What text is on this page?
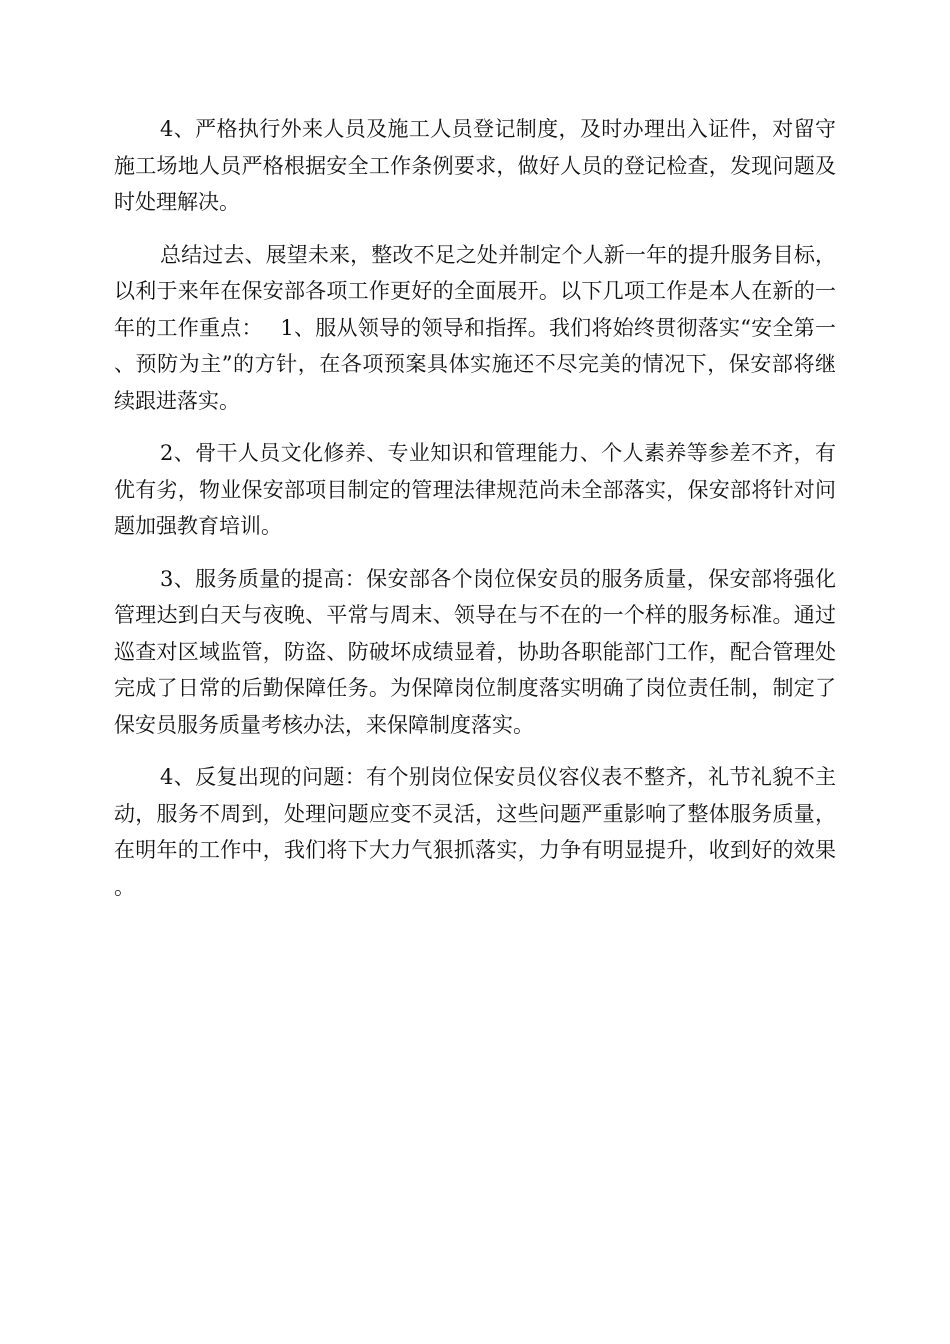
4、严格执行外来人员及施工人员登记制度，及时办理出入证件，对留守施工场地人员严格根据安全工作条例要求，做好人员的登记检查，发现问题及时处理解决。

总结过去、展望未来，整改不足之处并制定个人新一年的提升服务目标，以利于来年在保安部各项工作更好的全面展开。以下几项工作是本人在新的一年的工作重点：　 1、服从领导的领导和指挥。我们将始终贯彻落实“安全第一、预防为主”的方针，在各项预案具体实施还不尽完美的情况下，保安部将继续跟进落实。

2、骨干人员文化修养、专业知识和管理能力、个人素养等参差不齐，有优有劣，物业保安部项目制定的管理法律规范尚未全部落实，保安部将针对问题加强教育培训。

3、服务质量的提高：保安部各个岗位保安员的服务质量，保安部将强化管理达到白天与夜晚、平常与周末、领导在与不在的一个样的服务标准。通过巡查对区域监管，防盗、防破坏成绩显着，协助各职能部门工作，配合管理处完成了日常的后勤保障任务。为保障岗位制度落实明确了岗位责任制，制定了保安员服务质量考核办法，来保障制度落实。

4、反复出现的问题：有个别岗位保安员仪容仪表不整齐，礼节礼貌不主动，服务不周到，处理问题应变不灵活，这些问题严重影响了整体服务质量，在明年的工作中，我们将下大力气狠抓落实，力争有明显提升，收到好的效果。
